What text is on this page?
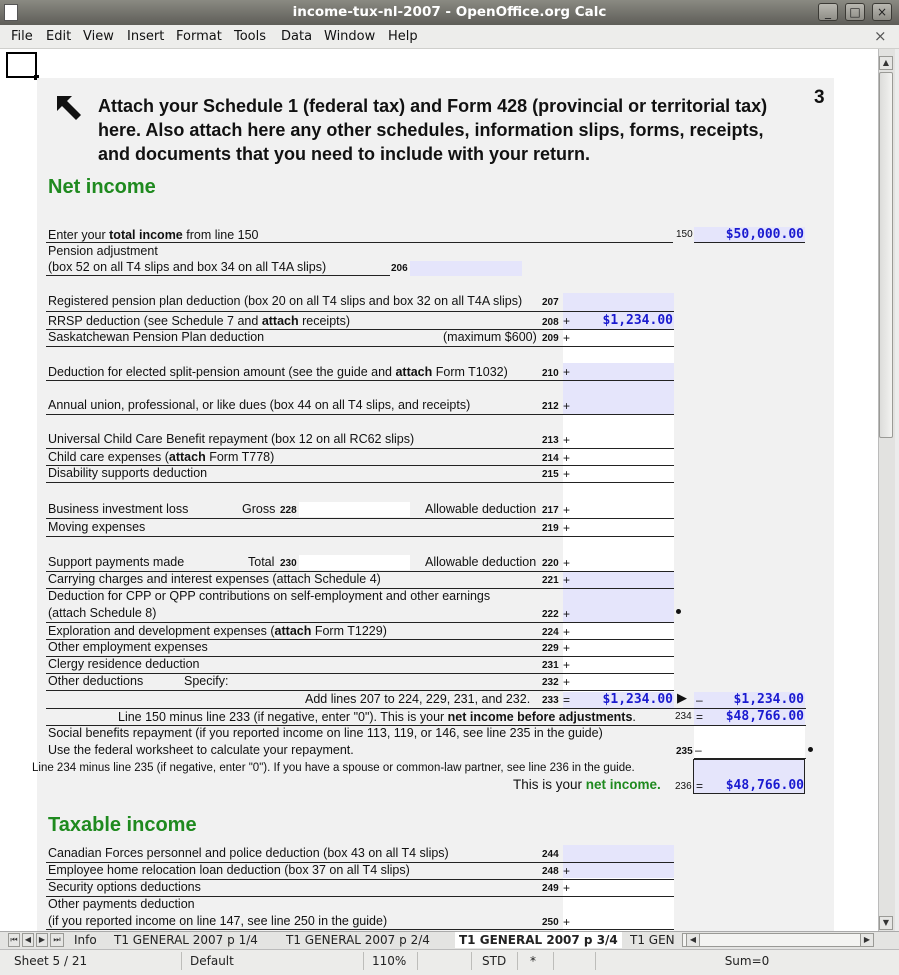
income-tux-nl-2007 - OpenOffice.org Calc	_	□	×
File Edit View Insert Format Tools Data Window Help	×
Attach your Schedule 1 (federal tax) and Form 428 (provincial or territorial tax)
here. Also attach here any other schedules, information slips, forms, receipts,
and documents that you need to include with your return.
3
Net income
Enter your total income from line 150	150	$50,000.00
Pension adjustment
(box 52 on all T4 slips and box 34 on all T4A slips)	206
Registered pension plan deduction (box 20 on all T4 slips and box 32 on all T4A slips) 207
RRSP deduction (see Schedule 7 and attach receipts)	208 +	$1,234.00
Saskatchewan Pension Plan deduction	(maximum $600) 209 +
Deduction for elected split-pension amount (see the guide and attach Form T1032)	210 +
Annual union, professional, or like dues (box 44 on all T4 slips, and receipts)	212 +
Universal Child Care Benefit repayment (box 12 on all RC62 slips)	213 +
Child care expenses (attach Form T778)	214 +
Disability supports deduction	215 +
Business investment loss	Gross 228	Allowable deduction 217 +
Moving expenses	219 +
Support payments made	Total 230	Allowable deduction 220 +
Carrying charges and interest expenses (attach Schedule 4)	221 +
Deduction for CPP or QPP contributions on self-employment and other earnings
(attach Schedule 8)	222 +
Exploration and development expenses (attach Form T1229)	224 +
Other employment expenses	229 +
Clergy residence deduction	231 +
Other deductions	Specify:	232 +
Add lines 207 to 224, 229, 231, and 232. 233 =	$1,234.00 ▶ –	$1,234.00
Line 150 minus line 233 (if negative, enter "0"). This is your net income before adjustments.	234 =	$48,766.00
Social benefits repayment (if you reported income on line 113, 119, or 146, see line 235 in the guide)
Use the federal worksheet to calculate your repayment.	235 –
Line 234 minus line 235 (if negative, enter "0"). If you have a spouse or common-law partner, see line 236 in the guide.
This is your net income. 236 =	$48,766.00
Taxable income
Canadian Forces personnel and police deduction (box 43 on all T4 slips)	244
Employee home relocation loan deduction (box 37 on all T4 slips)	248 +
Security options deductions	249 +
Other payments deduction
(if you reported income on line 147, see line 250 in the guide)	250 +
▲
▼
⏮ ◀ ▶	⏭ Info T1 GENERAL 2007 p 1/4 T1 GENERAL 2007 p 2/4	T1 GENERAL 2007 p 3/4	T1 GEN	◀	▶
Sheet 5 / 21	Default	110%	STD	*	Sum=0
